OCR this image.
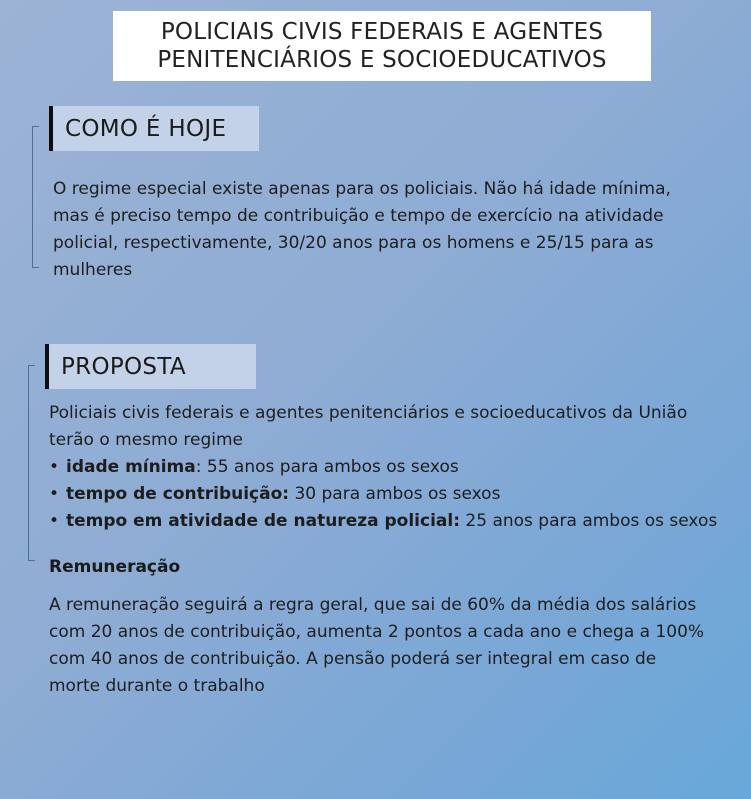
POLICIAIS CIVIS FEDERAIS E AGENTES
PENITENCIÁRIOS E SOCIOEDUCATIVOS
COMO É HOJE

O regime especial existe apenas para os policiais. Não há idade mínima,
mas é preciso tempo de contribuição e tempo de exercício na atividade
policial, respectivamente, 30/20 anos para os homens e 25/15 para as
mulheres

PROPOSTA

Policiais civis federais e agentes penitenciários e socioeducativos da União
terão o mesmo regime

• idade mínima: 55 anos para ambos os sexos
• tempo de contribuição: 30 para ambos os sexos
• tempo em atividade de natureza policial: 25 anos para ambos os sexos
Remuneração

A remuneração seguirá a regra geral, que sai de 60% da média dos salários
com 20 anos de contribuição, aumenta 2 pontos a cada ano e chega a 100%
com 40 anos de contribuição. A pensão poderá ser integral em caso de
morte durante o trabalho
